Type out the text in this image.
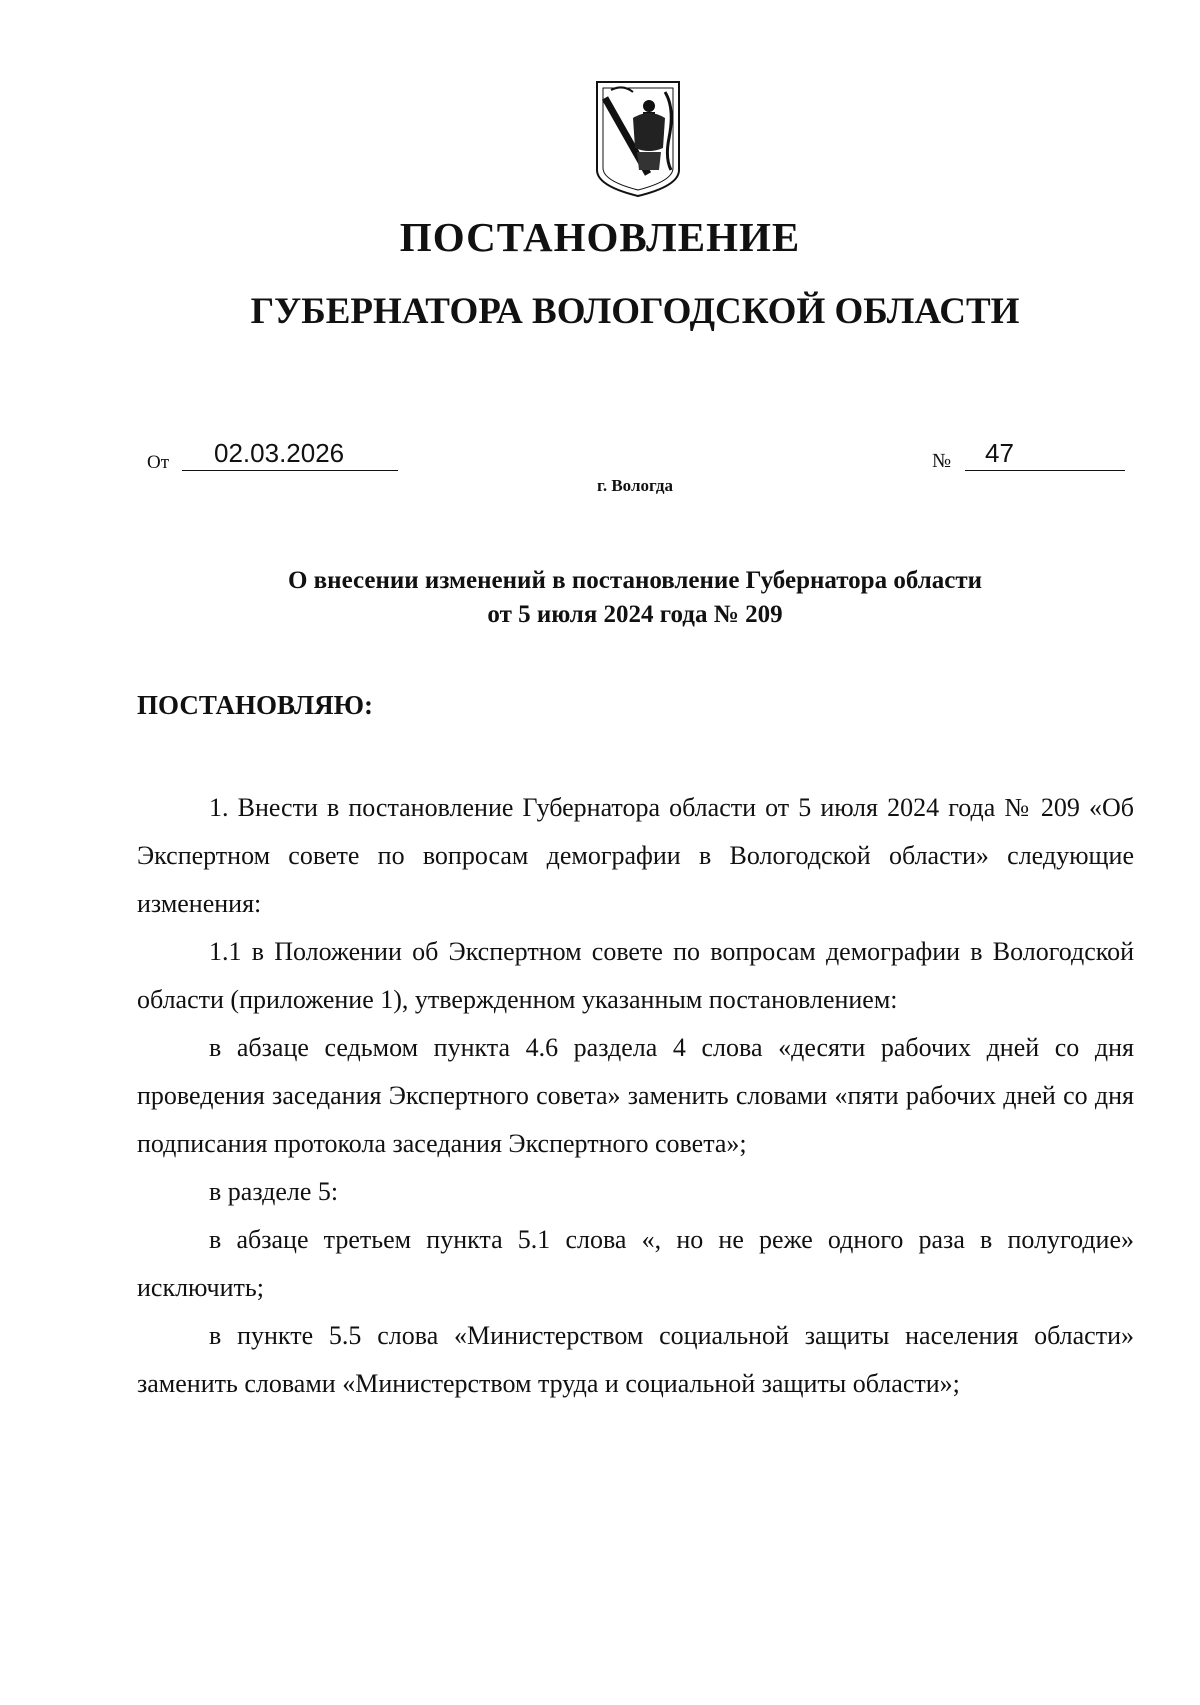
ПОСТАНОВЛЕНИЕ
ГУБЕРНАТОРА ВОЛОГОДСКОЙ ОБЛАСТИ
От	02.03.2026	№	47
г. Вологда
О внесении изменений в постановление Губернатора области
от 5 июля 2024 года № 209
ПОСТАНОВЛЯЮ:

1. Внести в постановление Губернатора области от 5 июля 2024 года № 209 «Об Экспертном совете по вопросам демографии в Вологодской области» следующие изменения:

1.1 в Положении об Экспертном совете по вопросам демографии в Вологодской области (приложение 1), утвержденном указанным постановлением:

в абзаце седьмом пункта 4.6 раздела 4 слова «десяти рабочих дней со дня проведения заседания Экспертного совета» заменить словами «пяти рабочих дней со дня подписания протокола заседания Экспертного совета»;

в разделе 5:

в абзаце третьем пункта 5.1 слова «, но не реже одного раза в полугодие» исключить;

в пункте 5.5 слова «Министерством социальной защиты населения области» заменить словами «Министерством труда и социальной защиты области»;
